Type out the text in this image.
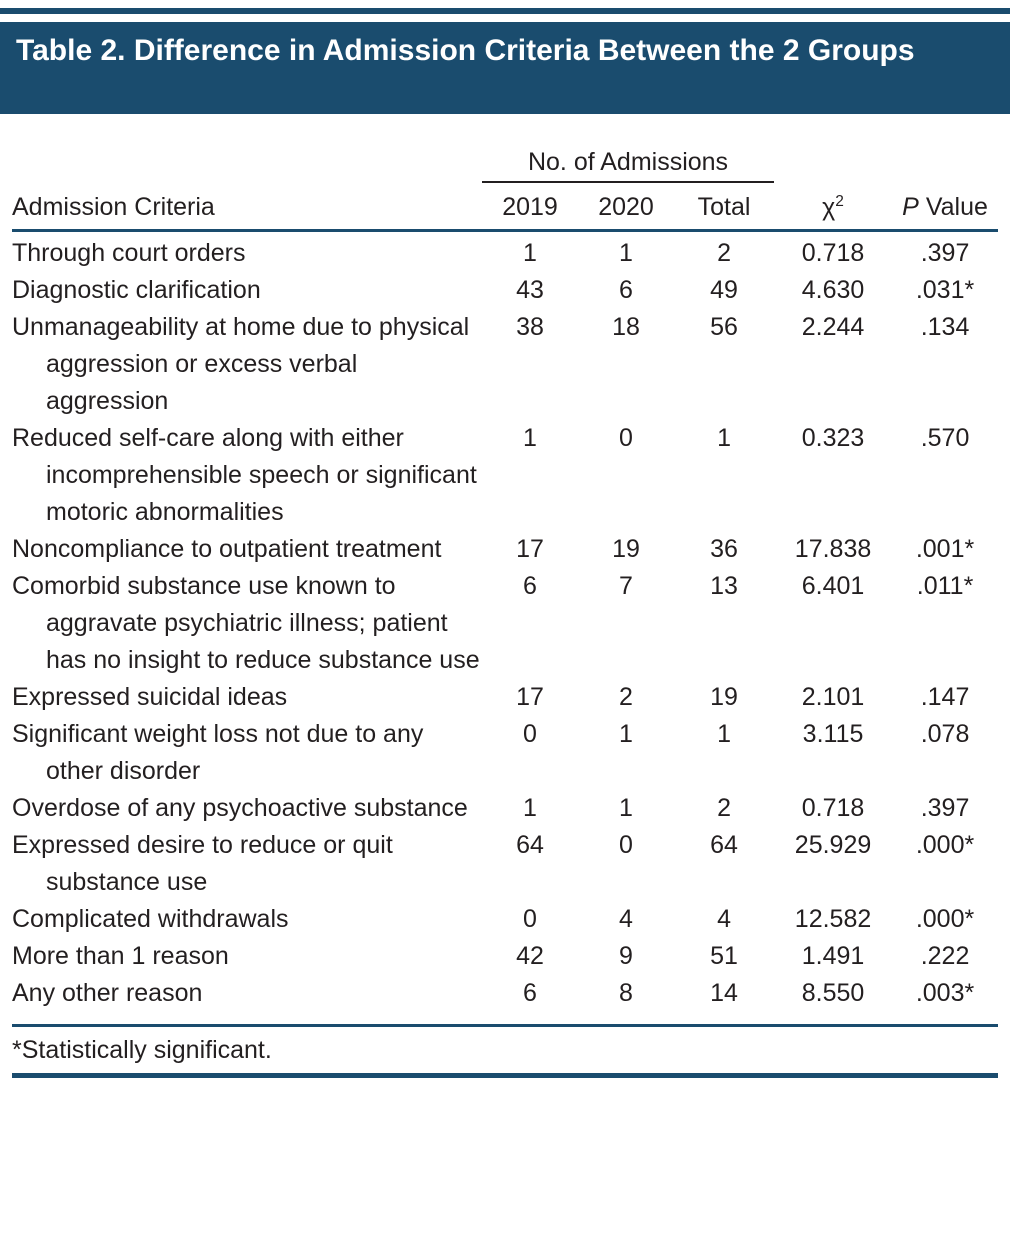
Table 2. Difference in Admission Criteria Between the 2 Groups
	No. of Admissions				
Admission Criteria	2019	2020	Total	$\chi^2$	P Value
Through court orders	1	1	2	0.718	.397
Diagnostic clarification	43	6	49	4.630	.031*
Unmanageability at home due to physical aggression or excess verbal aggression	38	18	56	2.244	.134
Reduced self-care along with either incomprehensible speech or significant motoric abnormalities	1	0	1	0.323	.570
Noncompliance to outpatient treatment	17	19	36	17.838	.001*
Comorbid substance use known to aggravate psychiatric illness; patient has no insight to reduce substance use	6	7	13	6.401	.011*
Expressed suicidal ideas	17	2	19	2.101	.147
Significant weight loss not due to any other disorder	0	1	1	3.115	.078
Overdose of any psychoactive substance	1	1	2	0.718	.397
Expressed desire to reduce or quit substance use	64	0	64	25.929	.000*
Complicated withdrawals	0	4	4	12.582	.000*
More than 1 reason	42	9	51	1.491	.222
Any other reason	6	8	14	8.550	.003*
*Statistically significant.
